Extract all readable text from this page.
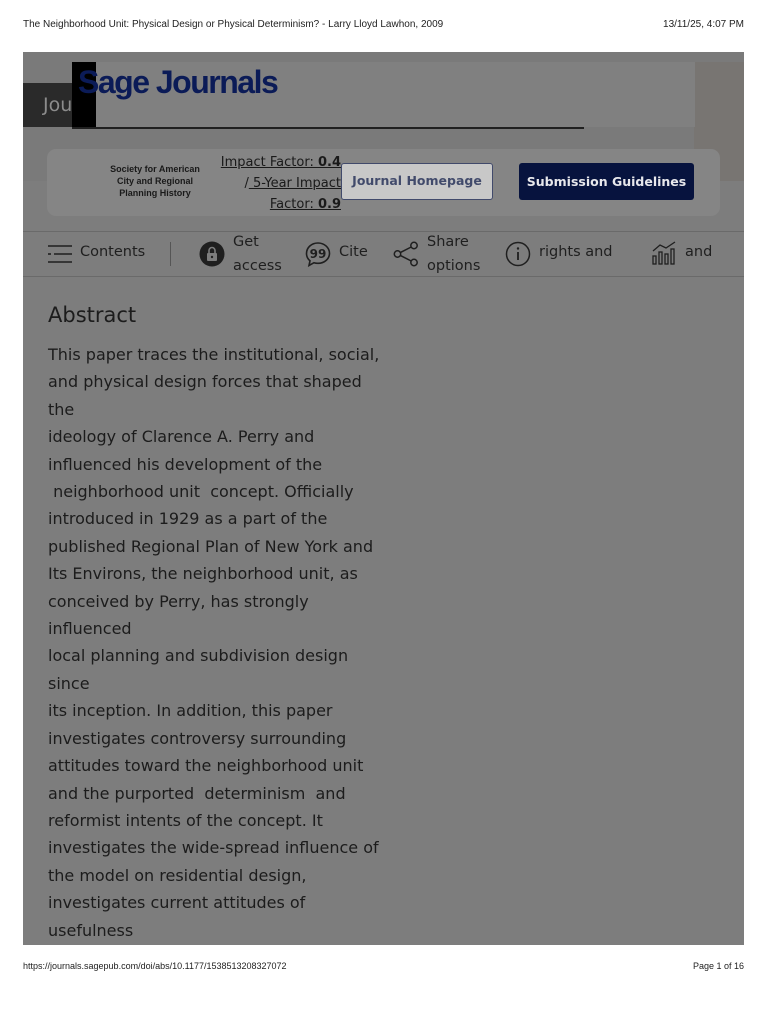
The Neighborhood Unit: Physical Design or Physical Determinism? - Larry Lloyd Lawhon, 2009	13/11/25, 4:07 PM
Jou
Sage Journals
Society for American City and Regional Planning History
Impact Factor: 0.4
/ 5-Year Impact Factor: 0.9
Journal Homepage	Submission Guidelines
Contents
Get
access
99 Cite
Share
options
rights and	and
Abstract

This paper traces the institutional, social,

and physical design forces that shaped the

ideology of Clarence A. Perry and

influenced his development of the

neighborhood unit  concept. Officially

introduced in 1929 as a part of the

published Regional Plan of New York and

Its Environs, the neighborhood unit, as

conceived by Perry, has strongly influenced

local planning and subdivision design since

its inception. In addition, this paper

investigates controversy surrounding

attitudes toward the neighborhood unit

and the purported  determinism  and

reformist intents of the concept. It

investigates the wide-spread influence of

the model on residential design,

investigates current attitudes of usefulness

https://journals.sagepub.com/doi/abs/10.1177/1538513208327072	Page 1 of 16
